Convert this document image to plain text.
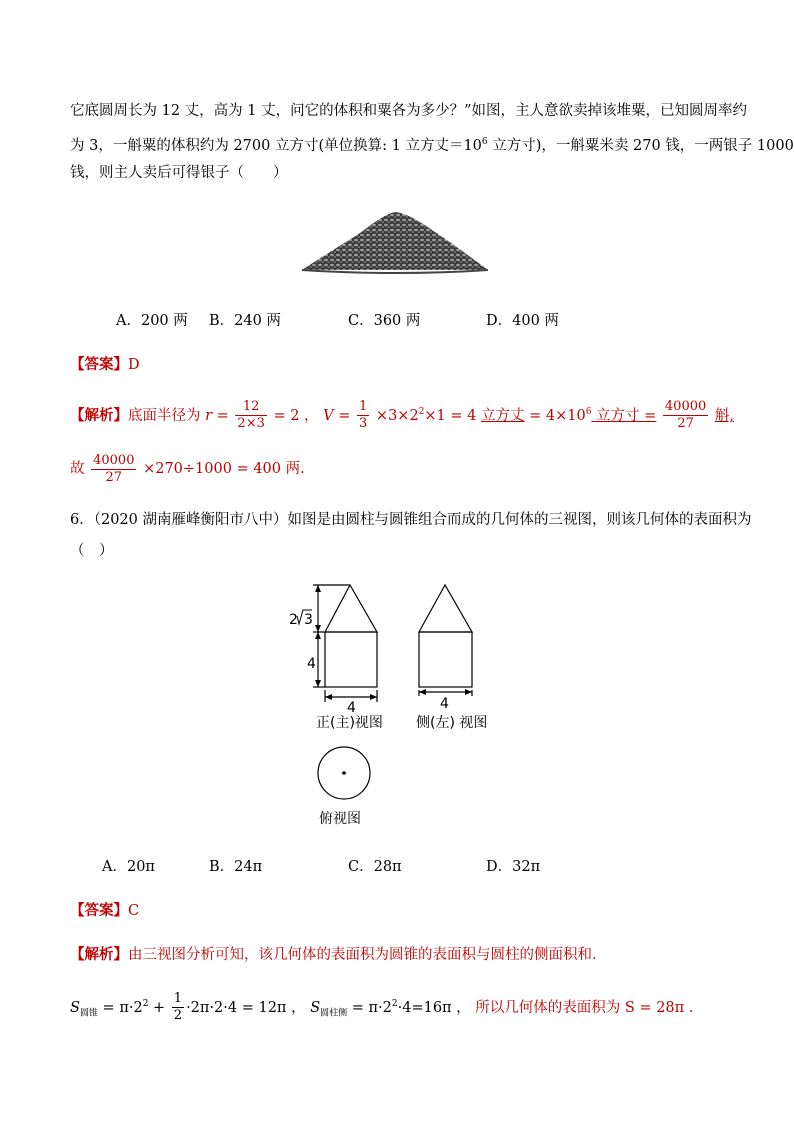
它底圆周长为 12 丈，高为 1 丈，问它的体积和粟各为多少？”如图，主人意欲卖掉该堆粟，已知圆周率约
为 3，一斛粟的体积约为 2700 立方寸(单位换算: 1 立方丈$=10^6$ 立方寸)，一斛粟米卖 270 钱，一两银子 1000
钱，则主人卖后可得银子（　　）
A．200 两 B．240 两	C．360 两	D．400 两
【答案】D
【解析】底面半径为 $r = \frac{12}{2\times 3} = 2$ ， $V = \frac{1}{3} \times 3\times 2^2\times 1 = 4$ 立方丈 = $4\times 10^6$ 立方寸 = $\frac{40000}{27}$ 斛,
故 $\frac{40000}{27} \times 270\div 1000 = 400$ 两.
6．（2020 湖南雁峰衡阳市八中）如图是由圆柱与圆锥组合而成的几何体的三视图，则该几何体的表面积为
（　）
2 3
4
4	4
正(主)视图 侧(左) 视图
俯视图
A．20π	B．24π	C．28π	D．32π
【答案】C
【解析】由三视图分析可知，该几何体的表面积为圆锥的表面积与圆柱的侧面积和．
$S_{圆锥} = \pi\cdot 2^2 + \frac{1}{2} \cdot 2\pi\cdot 2\cdot 4 = 12\pi$ ， $S_{圆柱侧} = \pi\cdot 2^2\cdot 4=16\pi$ ， 所以几何体的表面积为 S = 28π .
